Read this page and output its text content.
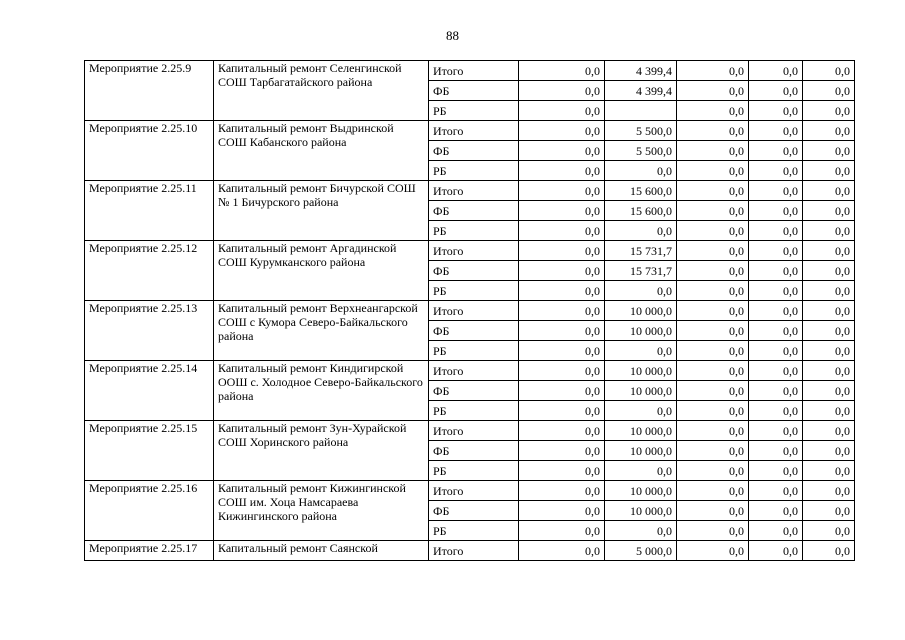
88
Мероприятие 2.25.9	Капитальный ремонт Селенгинской СОШ Тарбагатайского района	Итого	0,0	4 399,4	0,0	0,0	0,0
		ФБ	0,0	4 399,4	0,0	0,0	0,0
		РБ	0,0		0,0	0,0	0,0
Мероприятие 2.25.10	Капитальный ремонт Выдринской СОШ Кабанского района	Итого	0,0	5 500,0	0,0	0,0	0,0
		ФБ	0,0	5 500,0	0,0	0,0	0,0
		РБ	0,0	0,0	0,0	0,0	0,0
Мероприятие 2.25.11	Капитальный ремонт Бичурской СОШ № 1 Бичурского района	Итого	0,0	15 600,0	0,0	0,0	0,0
		ФБ	0,0	15 600,0	0,0	0,0	0,0
		РБ	0,0	0,0	0,0	0,0	0,0
Мероприятие 2.25.12	Капитальный ремонт Аргадинской СОШ Курумканского района	Итого	0,0	15 731,7	0,0	0,0	0,0
		ФБ	0,0	15 731,7	0,0	0,0	0,0
		РБ	0,0	0,0	0,0	0,0	0,0
Мероприятие 2.25.13	Капитальный ремонт Верхнеангарской СОШ с Кумора Северо-Байкальского района	Итого	0,0	10 000,0	0,0	0,0	0,0
		ФБ	0,0	10 000,0	0,0	0,0	0,0
		РБ	0,0	0,0	0,0	0,0	0,0
Мероприятие 2.25.14	Капитальный ремонт Киндигирской ООШ с. Холодное Северо-Байкальского района	Итого	0,0	10 000,0	0,0	0,0	0,0
		ФБ	0,0	10 000,0	0,0	0,0	0,0
		РБ	0,0	0,0	0,0	0,0	0,0
Мероприятие 2.25.15	Капитальный ремонт Зун-Хурайской СОШ Хоринского района	Итого	0,0	10 000,0	0,0	0,0	0,0
		ФБ	0,0	10 000,0	0,0	0,0	0,0
		РБ	0,0	0,0	0,0	0,0	0,0
Мероприятие 2.25.16	Капитальный ремонт Кижингинской СОШ им. Хоца Намсараева Кижингинского района	Итого	0,0	10 000,0	0,0	0,0	0,0
		ФБ	0,0	10 000,0	0,0	0,0	0,0
		РБ	0,0	0,0	0,0	0,0	0,0
Мероприятие 2.25.17	Капитальный ремонт Саянской	Итого	0,0	5 000,0	0,0	0,0	0,0
